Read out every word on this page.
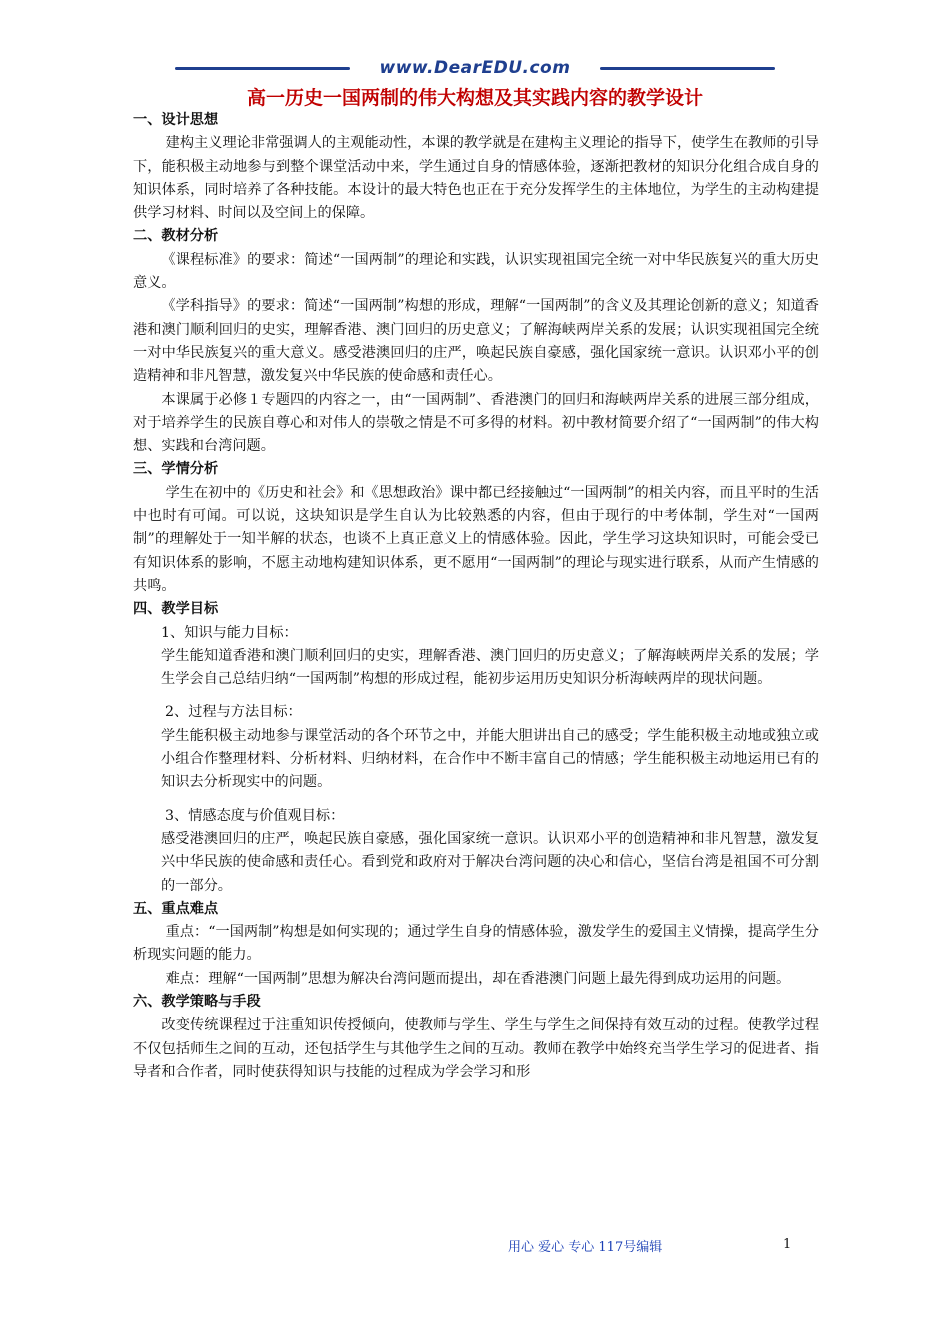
www.DearEDU.com
高一历史一国两制的伟大构想及其实践内容的教学设计

一、设计思想

建构主义理论非常强调人的主观能动性，本课的教学就是在建构主义理论的指导下，使学生在教师的引导下，能积极主动地参与到整个课堂活动中来，学生通过自身的情感体验，逐渐把教材的知识分化组合成自身的知识体系，同时培养了各种技能。本设计的最大特色也正在于充分发挥学生的主体地位，为学生的主动构建提供学习材料、时间以及空间上的保障。

二、教材分析

《课程标准》的要求：简述“一国两制”的理论和实践，认识实现祖国完全统一对中华民族复兴的重大历史意义。

《学科指导》的要求：简述“一国两制”构想的形成，理解“一国两制”的含义及其理论创新的意义；知道香港和澳门顺利回归的史实，理解香港、澳门回归的历史意义；了解海峡两岸关系的发展；认识实现祖国完全统一对中华民族复兴的重大意义。感受港澳回归的庄严，唤起民族自豪感，强化国家统一意识。认识邓小平的创造精神和非凡智慧，激发复兴中华民族的使命感和责任心。

本课属于必修１专题四的内容之一，由“一国两制”、香港澳门的回归和海峡两岸关系的进展三部分组成，对于培养学生的民族自尊心和对伟人的崇敬之情是不可多得的材料。初中教材简要介绍了“一国两制”的伟大构想、实践和台湾问题。

三、学情分析

学生在初中的《历史和社会》和《思想政治》课中都已经接触过“一国两制”的相关内容，而且平时的生活中也时有可闻。可以说，这块知识是学生自认为比较熟悉的内容，但由于现行的中考体制，学生对“一国两制”的理解处于一知半解的状态，也谈不上真正意义上的情感体验。因此，学生学习这块知识时，可能会受已有知识体系的影响，不愿主动地构建知识体系，更不愿用“一国两制”的理论与现实进行联系，从而产生情感的共鸣。

四、教学目标

1、知识与能力目标：

学生能知道香港和澳门顺利回归的史实，理解香港、澳门回归的历史意义；了解海峡两岸关系的发展；学生学会自己总结归纳“一国两制”构想的形成过程，能初步运用历史知识分析海峡两岸的现状问题。

2、过程与方法目标：

学生能积极主动地参与课堂活动的各个环节之中，并能大胆讲出自己的感受；学生能积极主动地或独立或小组合作整理材料、分析材料、归纳材料，在合作中不断丰富自己的情感；学生能积极主动地运用已有的知识去分析现实中的问题。

3、情感态度与价值观目标：

感受港澳回归的庄严，唤起民族自豪感，强化国家统一意识。认识邓小平的创造精神和非凡智慧，激发复兴中华民族的使命感和责任心。看到党和政府对于解决台湾问题的决心和信心，坚信台湾是祖国不可分割的一部分。

五、重点难点

重点：“一国两制”构想是如何实现的；通过学生自身的情感体验，激发学生的爱国主义情操，提高学生分析现实问题的能力。

难点：理解“一国两制”思想为解决台湾问题而提出，却在香港澳门问题上最先得到成功运用的问题。

六、教学策略与手段

改变传统课程过于注重知识传授倾向，使教师与学生、学生与学生之间保持有效互动的过程。使教学过程不仅包括师生之间的互动，还包括学生与其他学生之间的互动。教师在教学中始终充当学生学习的促进者、指导者和合作者，同时使获得知识与技能的过程成为学会学习和形

用心 爱心 专心 117号编辑	1
